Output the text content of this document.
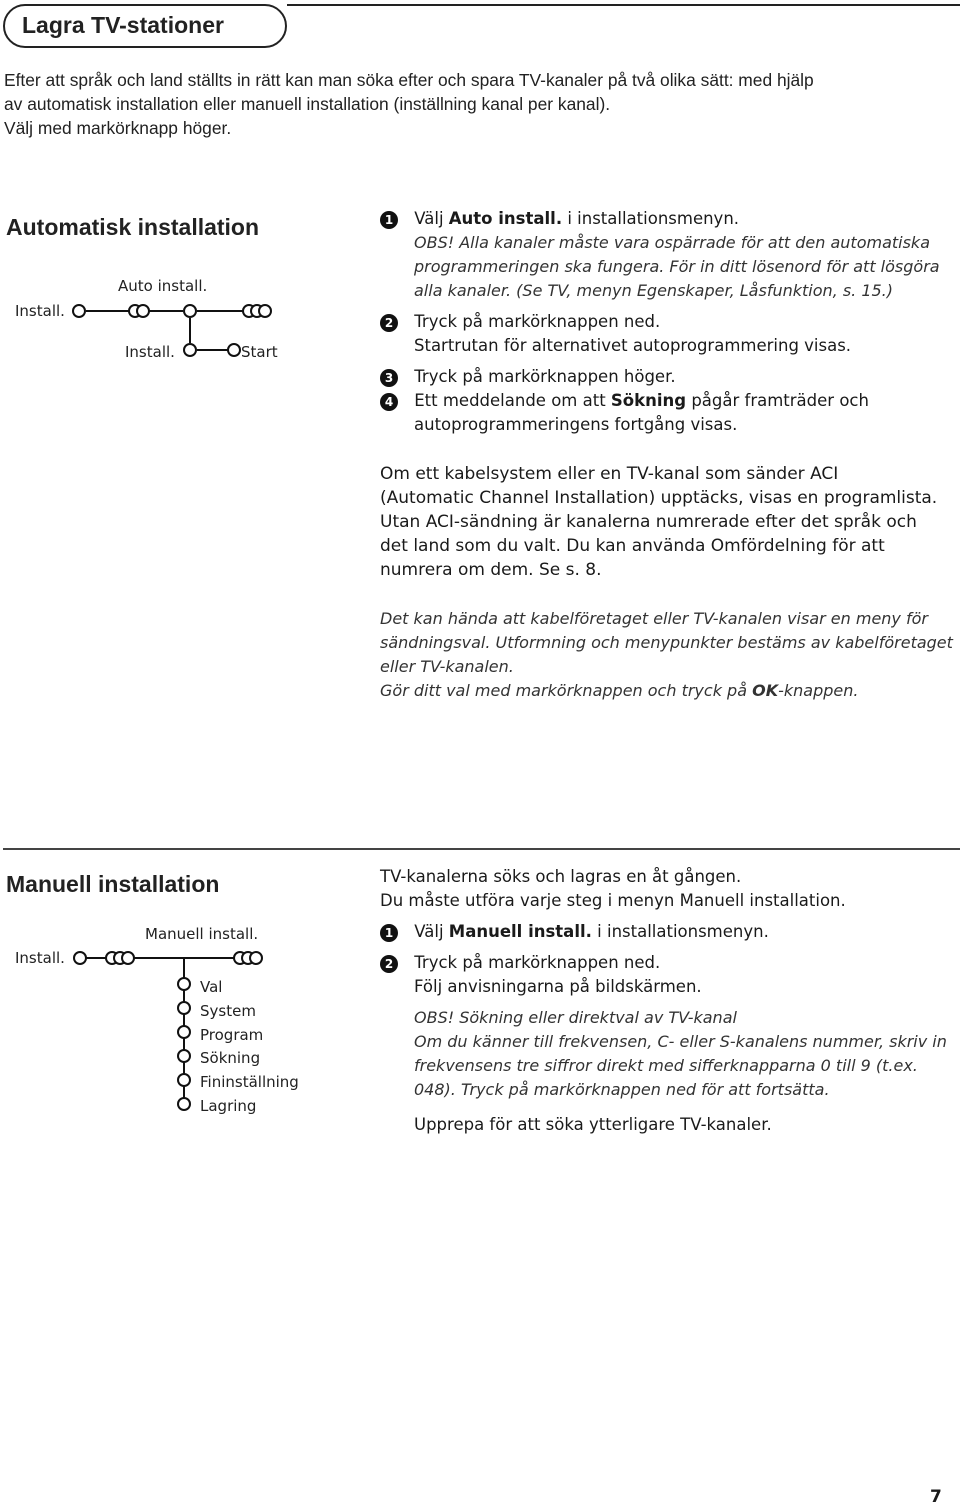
Lagra TV-stationer

Efter att språk och land ställts in rätt kan man söka efter och spara TV-kanaler på två olika sätt: med hjälp

av automatisk installation eller manuell installation (inställning kanal per kanal).

Välj med markörknapp höger.

Automatisk installation
Install.
Auto install.
Install.	Start

1 Välj Auto install. i installationsmenyn.

OBS! Alla kanaler måste vara ospärrade för att den automatiska

programmeringen ska fungera. För in ditt lösenord för att lösgöra

alla kanaler. (Se TV, menyn Egenskaper, Låsfunktion, s. 15.)

2 Tryck på markörknappen ned.

Startrutan för alternativet autoprogrammering visas.

3 Tryck på markörknappen höger.

4 Ett meddelande om att Sökning pågår framträder och

autoprogrammeringens fortgång visas.

Om ett kabelsystem eller en TV-kanal som sänder ACI

(Automatic Channel Installation) upptäcks, visas en programlista.

Utan ACI-sändning är kanalerna numrerade efter det språk och

det land som du valt. Du kan använda Omfördelning för att

numrera om dem. Se s. 8.

Det kan hända att kabelföretaget eller TV-kanalen visar en meny för

sändningsval. Utformning och menypunkter bestäms av kabelföretaget

eller TV-kanalen.

Gör ditt val med markörknappen och tryck på OK-knappen.

Manuell installation
Install.
Manuell install.
Val
System
Program
Sökning
Fininställning
Lagring

TV-kanalerna söks och lagras en åt gången.

Du måste utföra varje steg i menyn Manuell installation.

1 Välj Manuell install. i installationsmenyn.

2 Tryck på markörknappen ned.

Följ anvisningarna på bildskärmen.

OBS! Sökning eller direktval av TV-kanal

Om du känner till frekvensen, C- eller S-kanalens nummer, skriv in

frekvensens tre siffror direkt med sifferknapparna 0 till 9 (t.ex.

048). Tryck på markörknappen ned för att fortsätta.

Upprepa för att söka ytterligare TV-kanaler.

7
